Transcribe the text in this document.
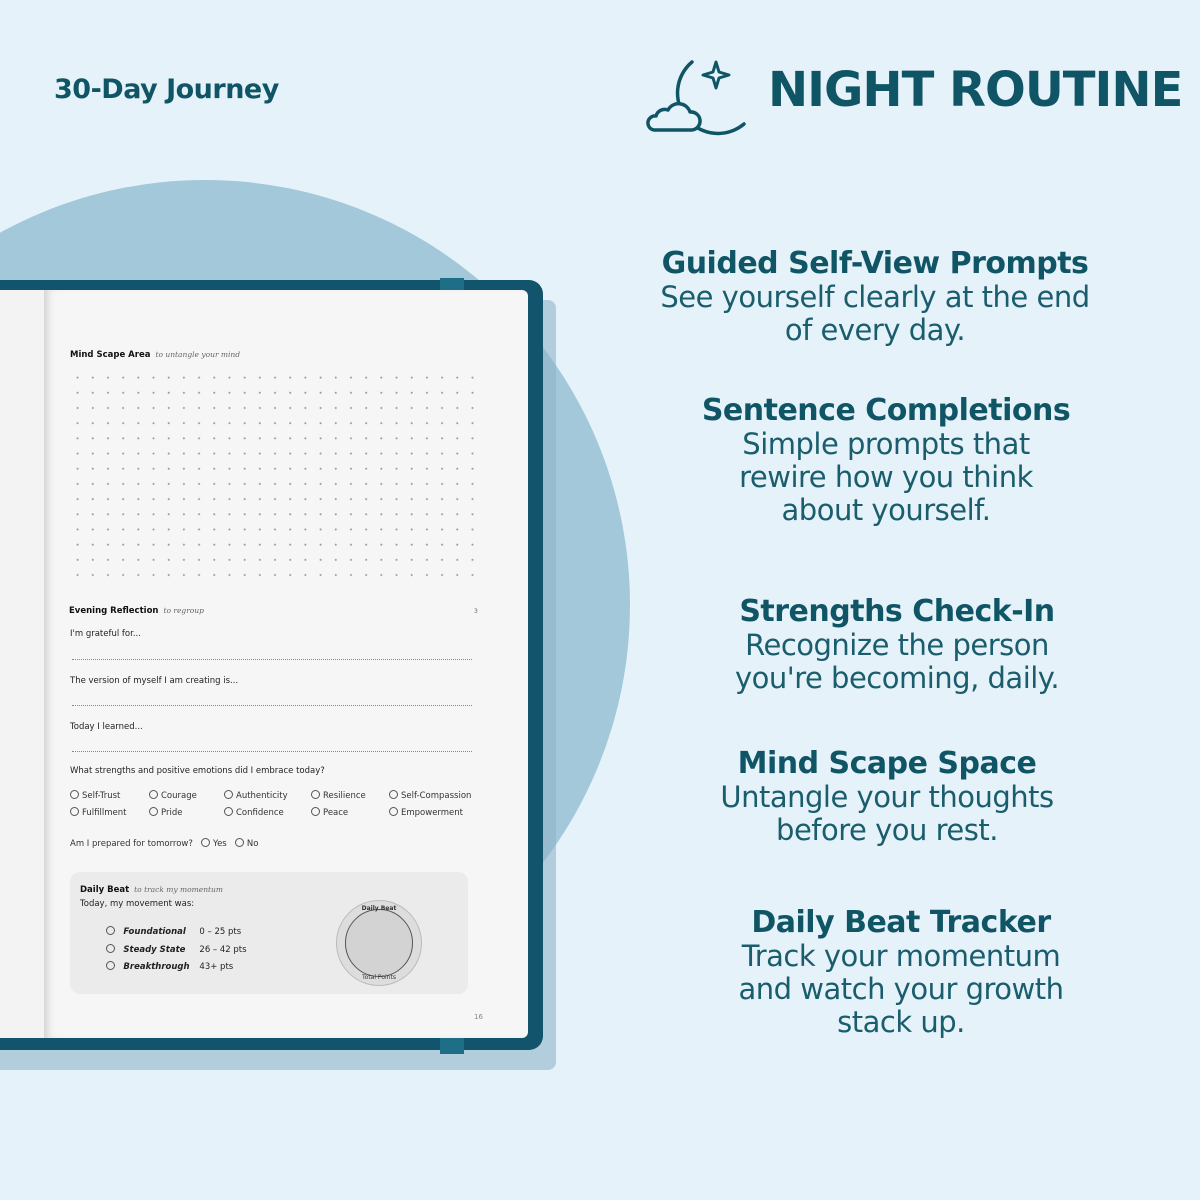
30-Day Journey	NIGHT ROUTINE
Mind Scape Area to untangle your mind
Evening Reflection to regroup	3
I'm grateful for...
The version of myself I am creating is...
Today I learned...
What strengths and positive emotions did I embrace today?
Self-Trust	Courage	Authenticity	Resilience	Self-Compassion
Fulfillment	Pride	Confidence	Peace	Empowerment
Am I prepared for tomorrow? Yes No
Daily Beat to track my momentum
Today, my movement was:
Foundational 0 – 25 pts
Steady State 26 – 42 pts
Breakthrough 43+ pts
Daily Beat
Total Points
16
Guided Self-View Prompts
See yourself clearly at the end
of every day.
Sentence Completions
Simple prompts that
rewire how you think
about yourself.
Strengths Check-In
Recognize the person
you're becoming, daily.
Mind Scape Space
Untangle your thoughts
before you rest.
Daily Beat Tracker
Track your momentum
and watch your growth
stack up.
